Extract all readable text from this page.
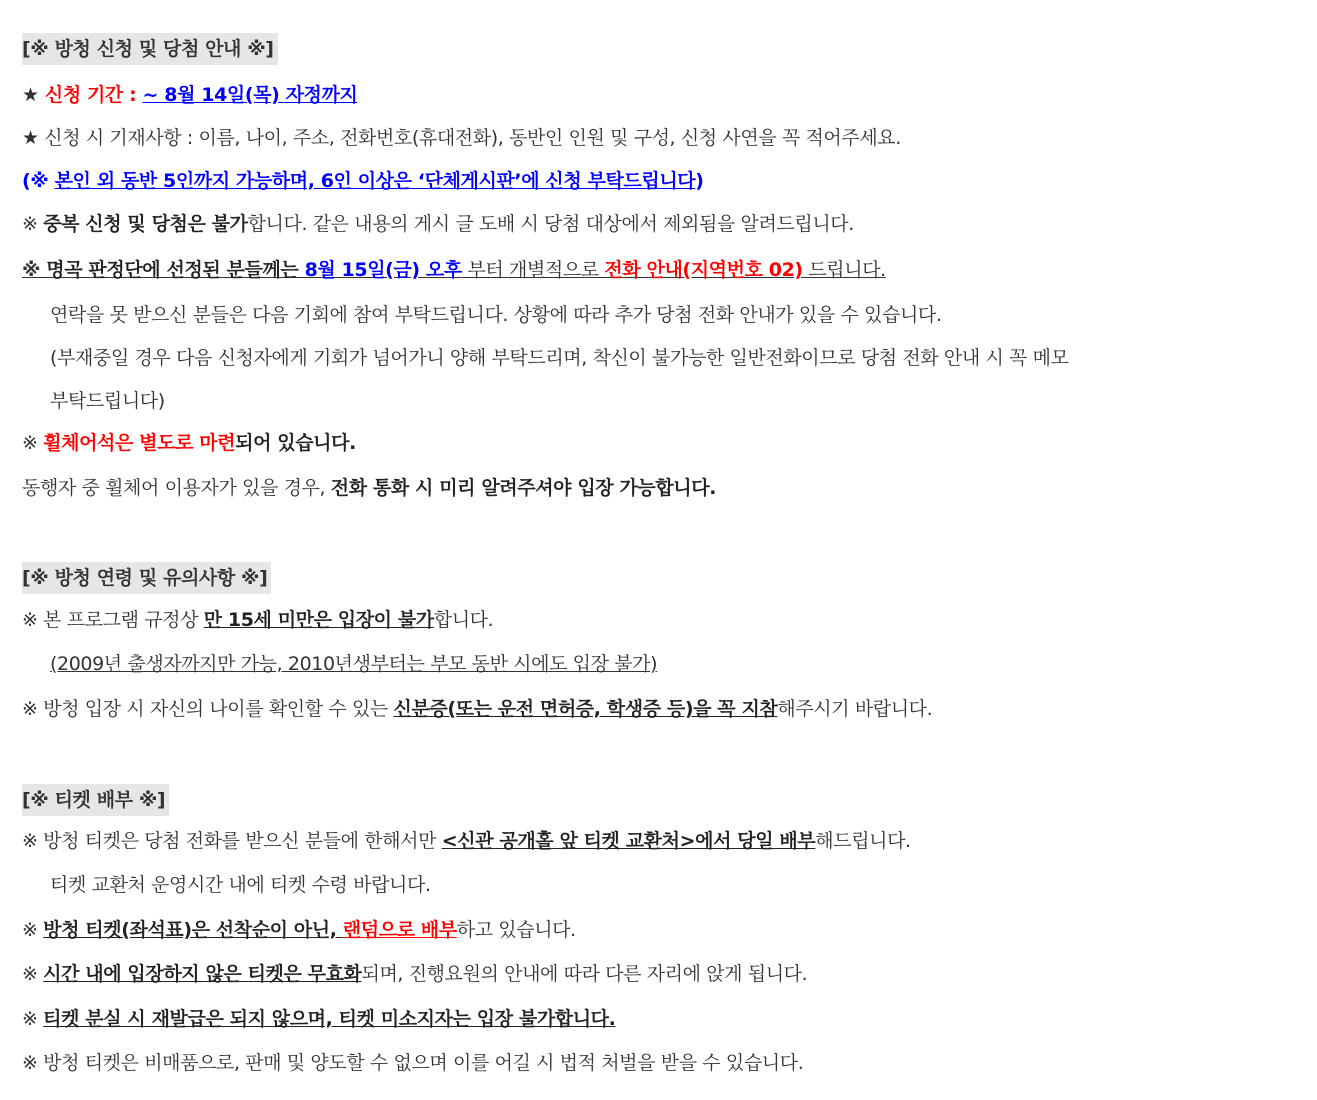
[※ 방청 신청 및 당첨 안내 ※]
★ 신청 기간 : ~ 8월 14일(목) 자정까지
★ 신청 시 기재사항 : 이름, 나이, 주소, 전화번호(휴대전화), 동반인 인원 및 구성, 신청 사연을 꼭 적어주세요.
(※ 본인 외 동반 5인까지 가능하며, 6인 이상은 ‘단체게시판’에 신청 부탁드립니다)
※ 중복 신청 및 당첨은 불가합니다. 같은 내용의 게시 글 도배 시 당첨 대상에서 제외됨을 알려드립니다.
※ 명곡 판정단에 선정된 분들께는 8월 15일(금) 오후 부터 개별적으로 전화 안내(지역번호 02) 드립니다.
연락을 못 받으신 분들은 다음 기회에 참여 부탁드립니다. 상황에 따라 추가 당첨 전화 안내가 있을 수 있습니다.
(부재중일 경우 다음 신청자에게 기회가 넘어가니 양해 부탁드리며, 착신이 불가능한 일반전화이므로 당첨 전화 안내 시 꼭 메모
부탁드립니다)
※ 휠체어석은 별도로 마련되어 있습니다.
동행자 중 휠체어 이용자가 있을 경우, 전화 통화 시 미리 알려주셔야 입장 가능합니다.
[※ 방청 연령 및 유의사항 ※]
※ 본 프로그램 규정상 만 15세 미만은 입장이 불가합니다.
(2009년 출생자까지만 가능, 2010년생부터는 부모 동반 시에도 입장 불가)
※ 방청 입장 시 자신의 나이를 확인할 수 있는 신분증(또는 운전 면허증, 학생증 등)을 꼭 지참해주시기 바랍니다.
[※ 티켓 배부 ※]
※ 방청 티켓은 당첨 전화를 받으신 분들에 한해서만 <신관 공개홀 앞 티켓 교환처>에서 당일 배부해드립니다.
티켓 교환처 운영시간 내에 티켓 수령 바랍니다.
※ 방청 티켓(좌석표)은 선착순이 아닌, 랜덤으로 배부하고 있습니다.
※ 시간 내에 입장하지 않은 티켓은 무효화되며, 진행요원의 안내에 따라 다른 자리에 앉게 됩니다.
※ 티켓 분실 시 재발급은 되지 않으며, 티켓 미소지자는 입장 불가합니다.
※ 방청 티켓은 비매품으로, 판매 및 양도할 수 없으며 이를 어길 시 법적 처벌을 받을 수 있습니다.
